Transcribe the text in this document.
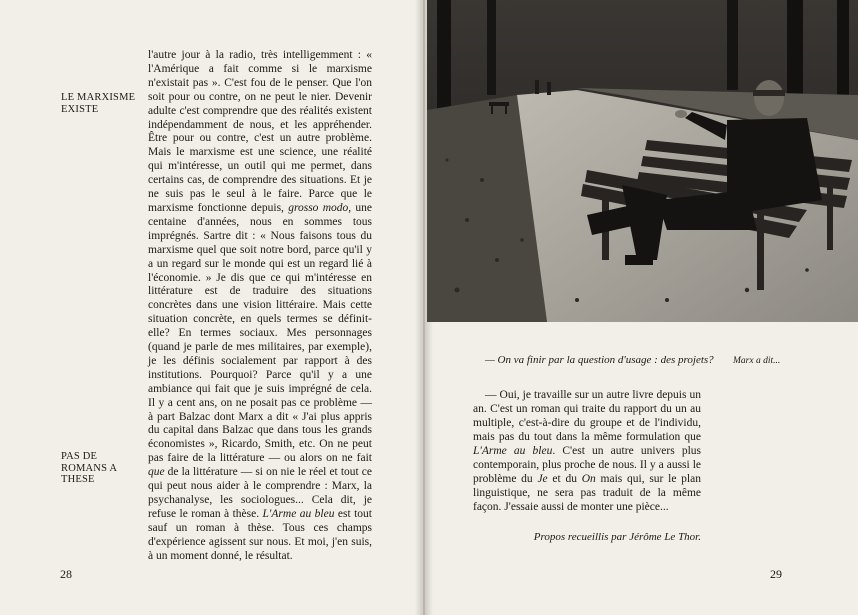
LE MARXISME EXISTE
PAS DE ROMANS A THESE
l'autre jour à la radio, très intelligemment : « l'Amérique a fait comme si le marxisme n'existait pas ». C'est fou de le penser. Que l'on soit pour ou contre, on ne peut le nier. Devenir adulte c'est comprendre que des réalités existent indépendamment de nous, et les appréhender. Être pour ou contre, c'est un autre problème. Mais le marxisme est une science, une réalité qui m'intéresse, un outil qui me permet, dans certains cas, de comprendre des situations. Et je ne suis pas le seul à le faire. Parce que le marxisme fonctionne depuis, grosso modo, une centaine d'années, nous en sommes tous imprégnés. Sartre dit : « Nous faisons tous du marxisme quel que soit notre bord, parce qu'il y a un regard sur le monde qui est un regard lié à l'économie. » Je dis que ce qui m'intéresse en littérature est de traduire des situations concrètes dans une vision littéraire. Mais cette situation concrète, en quels termes se définit-elle? En termes sociaux. Mes personnages (quand je parle de mes militaires, par exemple), je les définis socialement par rapport à des institutions. Pourquoi? Parce qu'il y a une ambiance qui fait que je suis imprégné de cela. Il y a cent ans, on ne posait pas ce problème — à part Balzac dont Marx a dit « J'ai plus appris du capital dans Balzac que dans tous les grands économistes », Ricardo, Smith, etc. On ne peut pas faire de la littérature — ou alors on ne fait que de la littérature — si on nie le réel et tout ce qui peut nous aider à le comprendre : Marx, la psychanalyse, les sociologues... Cela dit, je refuse le roman à thèse. L'Arme au bleu est tout sauf un roman à thèse. Tous ces champs d'expérience agissent sur nous. Et moi, j'en suis, à un moment donné, le résultat.
28
— On va finir par la question d'usage : des projets?	Marx a dit...
— Oui, je travaille sur un autre livre depuis un an. C'est un roman qui traite du rapport du un au multiple, c'est-à-dire du groupe et de l'individu, mais pas du tout dans la même formulation que L'Arme au bleu. C'est un autre univers plus contemporain, plus proche de nous. Il y a aussi le problème du Je et du On mais qui, sur le plan linguistique, ne sera pas traduit de la même façon. J'essaie aussi de monter une pièce...
Propos recueillis par Jérôme Le Thor.
29
